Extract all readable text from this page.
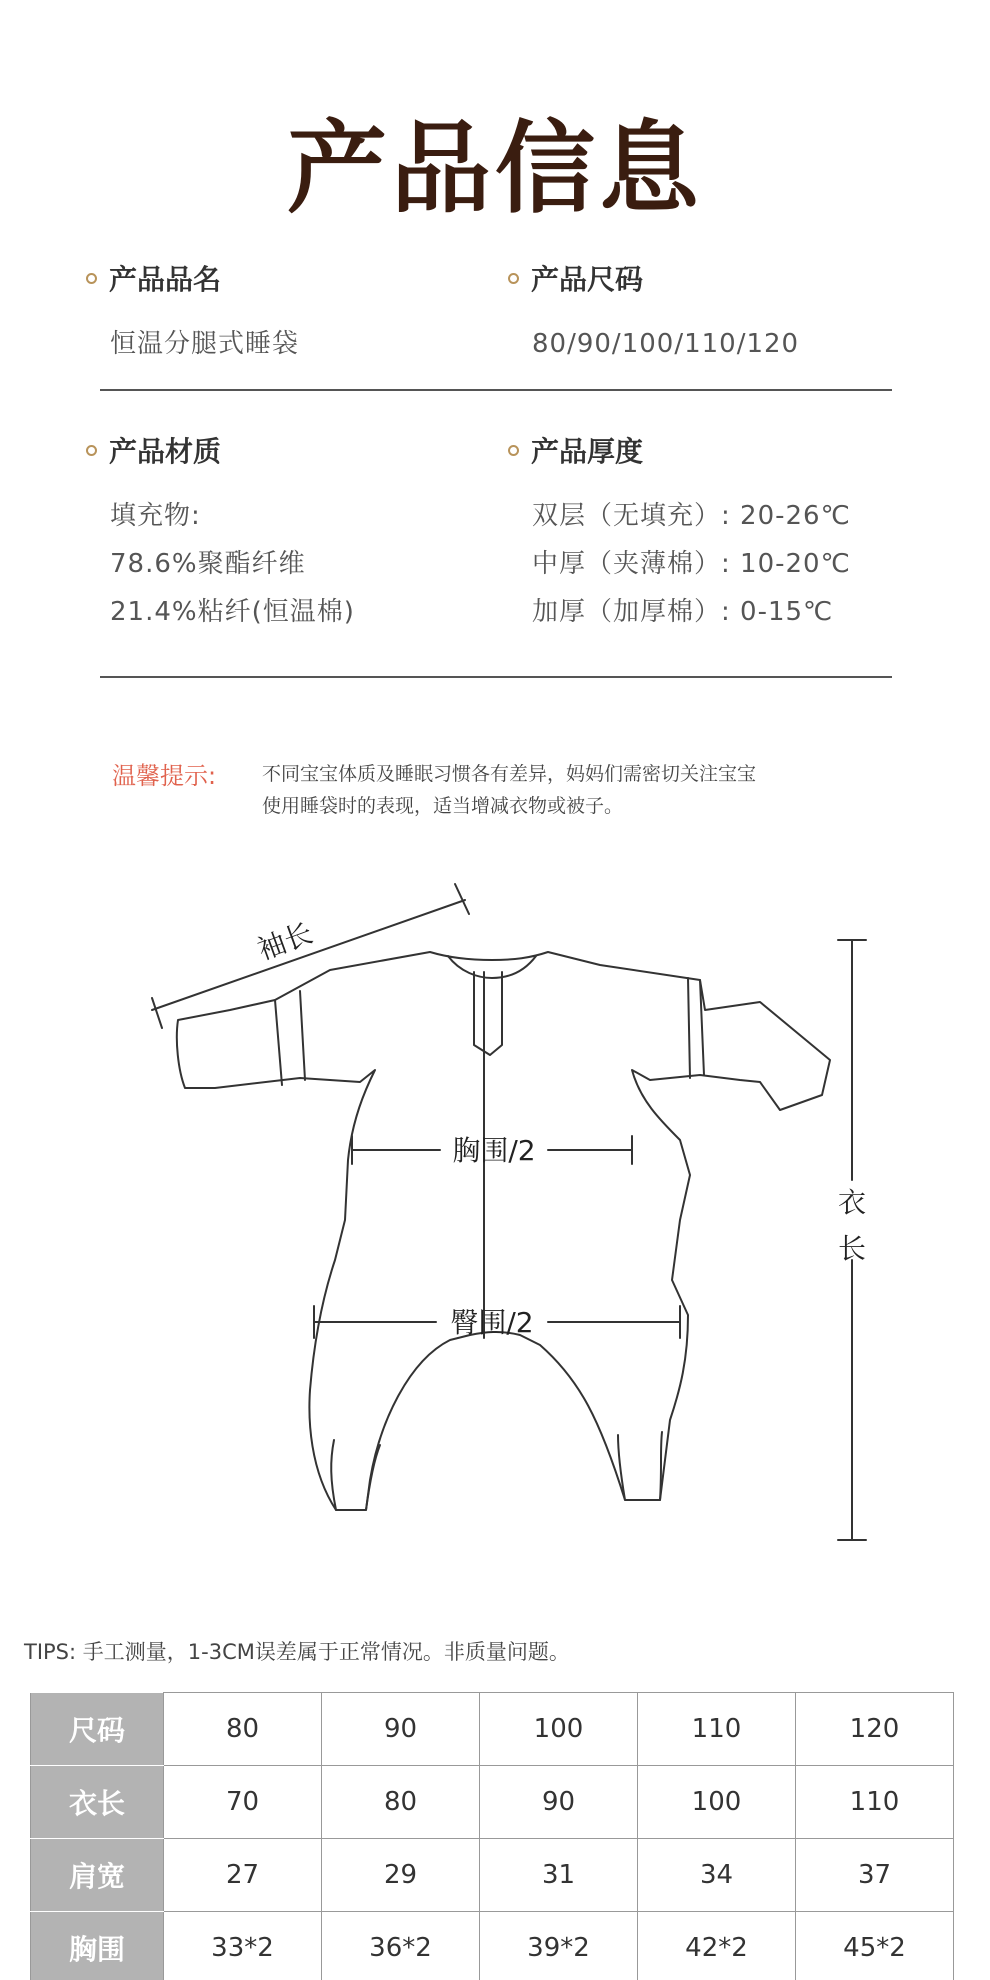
产品信息
产品品名
恒温分腿式睡袋
产品尺码
80/90/100/110/120
产品材质
填充物:
78.6%聚酯纤维
21.4%粘纤(恒温棉)
产品厚度
双层（无填充）: 20-26℃
中厚（夹薄棉）: 10-20℃
加厚（加厚棉）: 0-15℃
温馨提示: 不同宝宝体质及睡眠习惯各有差异，妈妈们需密切关注宝宝
使用睡袋时的表现，适当增减衣物或被子。
袖长
胸围/2
臀围/2
衣
长
TIPS: 手工测量，1-3CM误差属于正常情况。非质量问题。
尺码	80	90	100	110	120
衣长	70	80	90	100	110
肩宽	27	29	31	34	37
胸围	33*2	36*2	39*2	42*2	45*2
